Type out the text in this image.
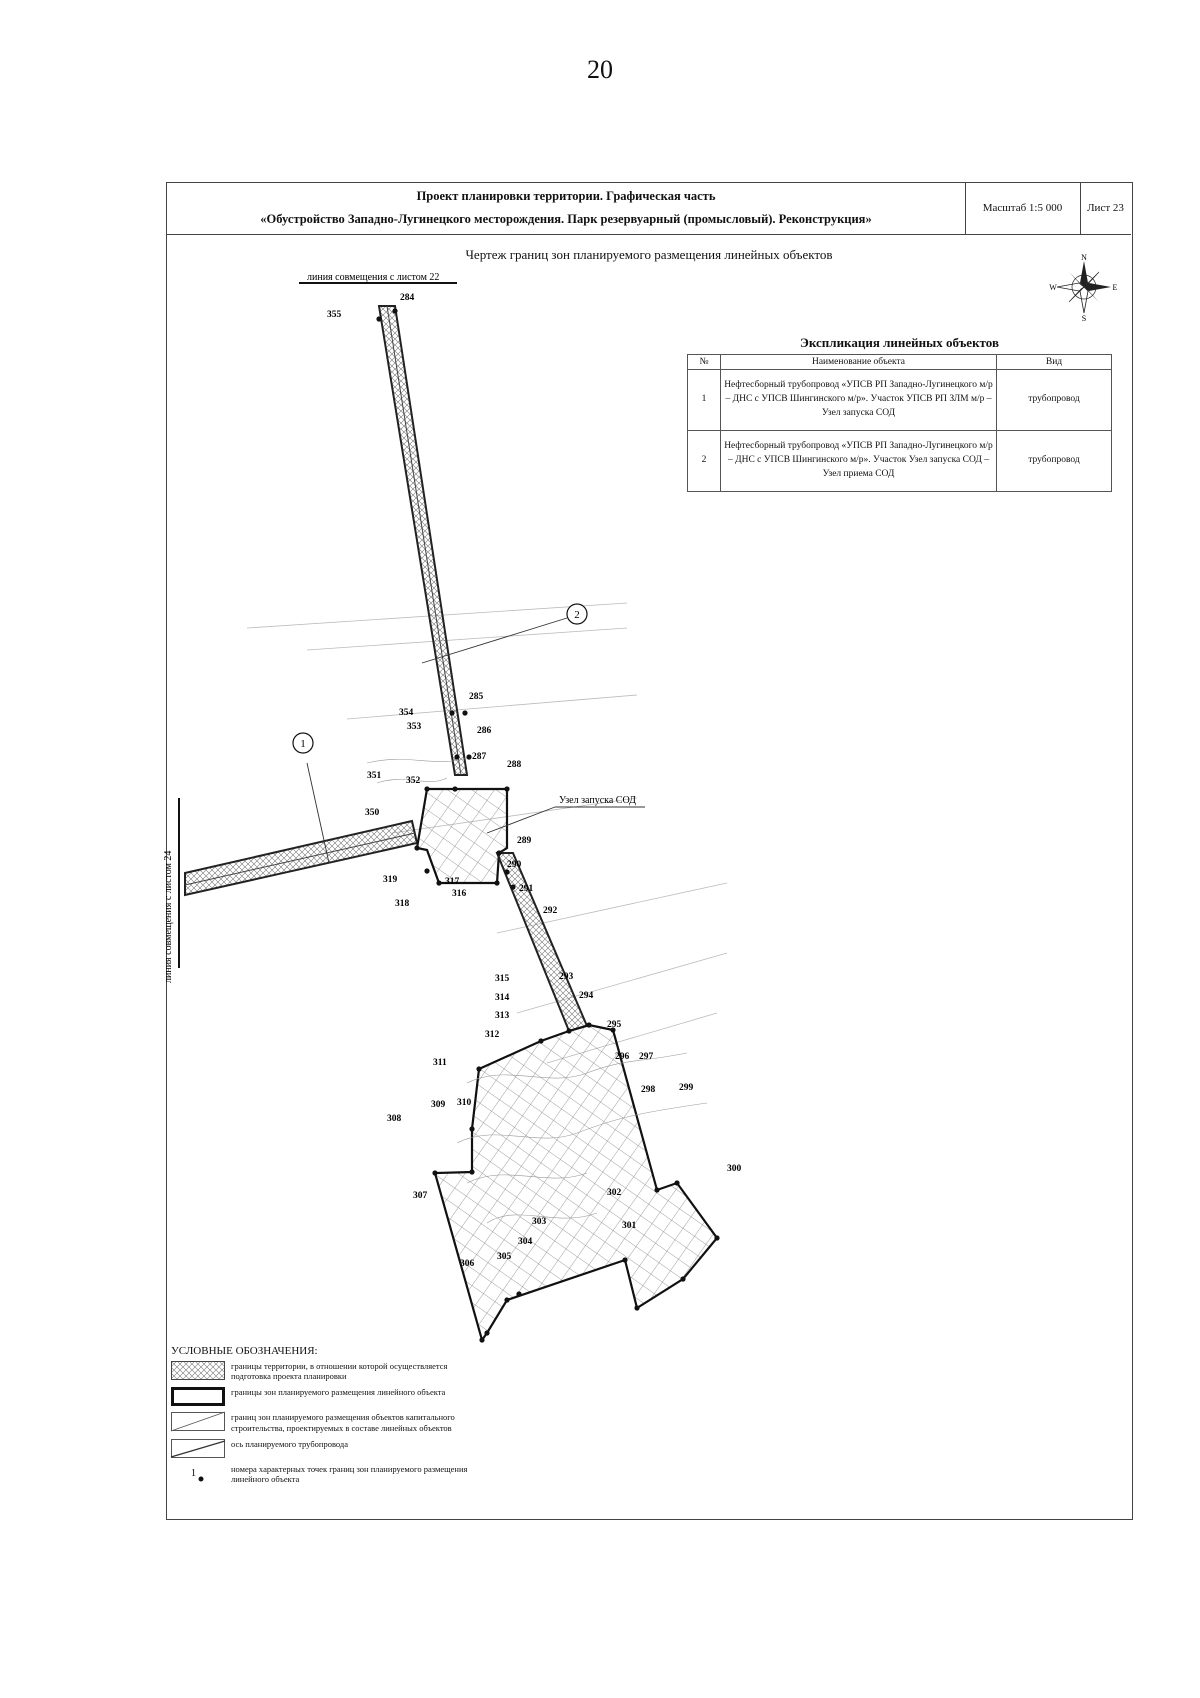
20
Проект планировки территории. Графическая часть
«Обустройство Западно-Лугинецкого месторождения. Парк резервуарный (промысловый). Реконструкция»
Масштаб 1:5 000	Лист 23
Чертеж границ зон планируемого размещения линейных объектов
1
2
Узел запуска СОД
линия совмещения с листом 22
линия совмещения с листом 24
355
284
285
354
353	286
287
288
351	352
350
289
290
291
319	317
318
316
292
315	293
314	294
313
295
312
296 297
311
298	299
309 310
308
300
307	302
301
303
304
305
306
N
S
W	E
Экспликация линейных объектов
№	Наименование объекта	Вид
1	Нефтесборный трубопровод «УПСВ РП Западно-Лугинецкого м/р – ДНС с УПСВ Шингинского м/р». Участок УПСВ РП ЗЛМ м/р – Узел запуска СОД	трубопровод
2	Нефтесборный трубопровод «УПСВ РП Западно-Лугинецкого м/р – ДНС с УПСВ Шингинского м/р». Участок Узел запуска СОД – Узел приема СОД	трубопровод
УСЛОВНЫЕ ОБОЗНАЧЕНИЯ:
границы территории, в отношении которой осуществляется подготовка проекта планировки
границы зон планируемого размещения линейного объекта
границ зон планируемого размещения объектов капитального строительства, проектируемых в составе линейных объектов
ось планируемого трубопровода
1	номера характерных точек границ зон планируемого размещения линейного объекта
